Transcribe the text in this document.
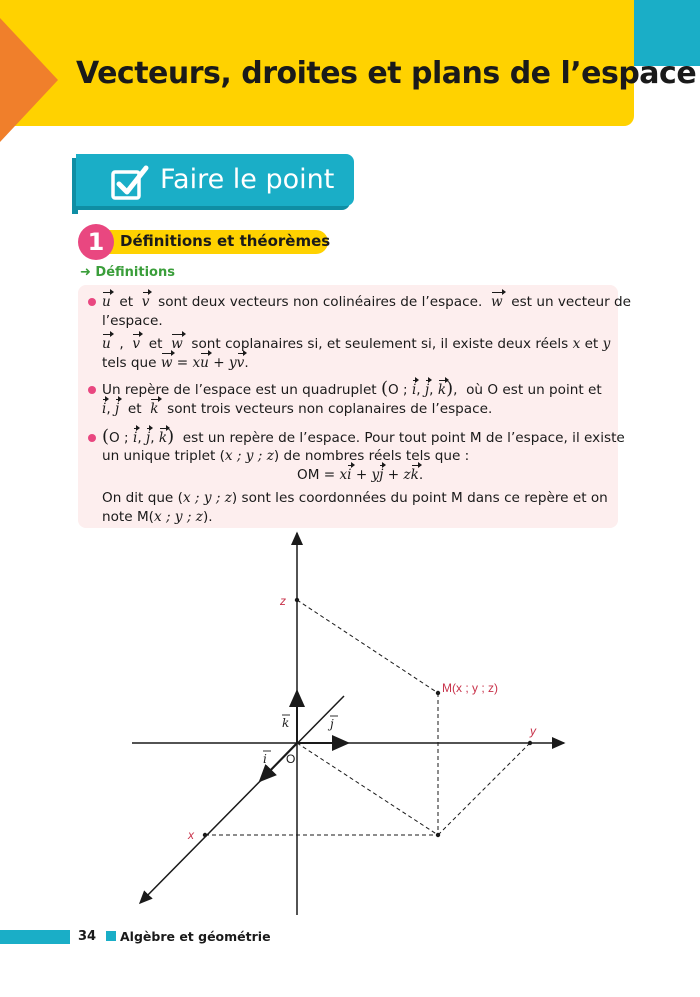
Vecteurs, droites et plans de l’espace
Faire le point
1	Définitions et théorèmes
➜ Définitions
u et v sont deux vecteurs non colinéaires de l’espace. w est un vecteur de
l’espace.
u , v et w sont coplanaires si, et seulement si, il existe deux réels x et y
tels que w = xu + yv.
Un repère de l’espace est un quadruplet (O ; i, j, k), où O est un point et
i, j et k sont trois vecteurs non coplanaires de l’espace.
(O ; i, j, k) est un repère de l’espace. Pour tout point M de l’espace, il existe
un unique triplet (x ; y ; z) de nombres réels tels que :
OM = xi + yj + zk.
On dit que (x ; y ; z) sont les coordonnées du point M dans ce repère et on
note M(x ; y ; z).
z
y
x
M(x ; y ; z)
O
i
j
k
34 Algèbre et géométrie
